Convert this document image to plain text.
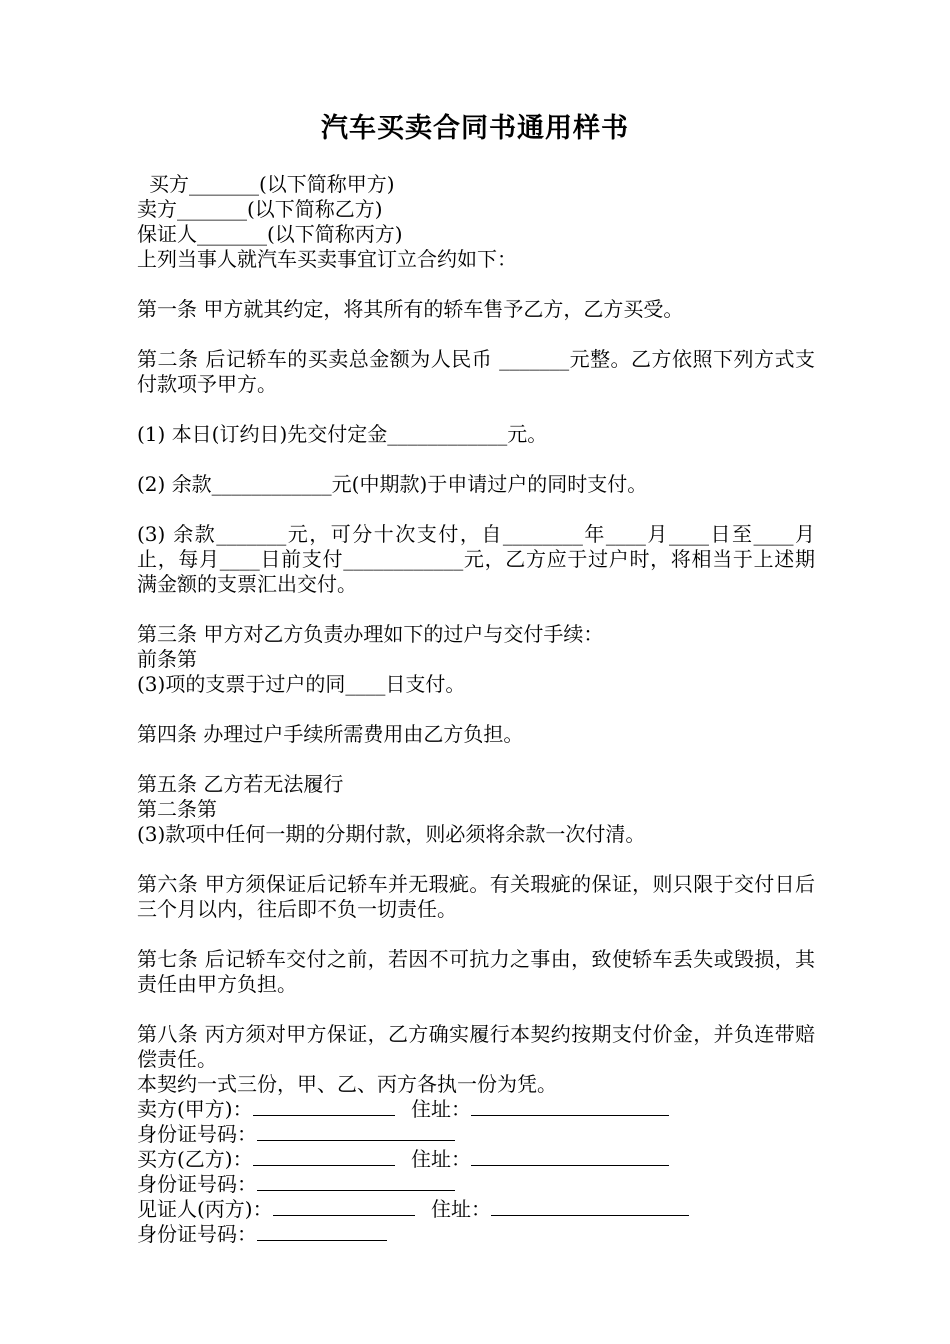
汽车买卖合同书通用样书
买方_______(以下简称甲方)
卖方_______(以下简称乙方)
保证人_______(以下简称丙方)
上列当事人就汽车买卖事宜订立合约如下：
第一条 甲方就其约定，将其所有的轿车售予乙方，乙方买受。
第二条 后记轿车的买卖总金额为人民币 _______元整。乙方依照下列方式支付款项予甲方。
(1) 本日(订约日)先交付定金____________元。
(2) 余款____________元(中期款)于申请过户的同时支付。
(3) 余款_______元，可分十次支付，自________年____月____日至____月止，每月____日前支付____________元，乙方应于过户时，将相当于上述期满金额的支票汇出交付。
第三条 甲方对乙方负责办理如下的过户与交付手续：
前条第
(3)项的支票于过户的同____日支付。
第四条 办理过户手续所需费用由乙方负担。
第五条 乙方若无法履行
第二条第
(3)款项中任何一期的分期付款，则必须将余款一次付清。
第六条 甲方须保证后记轿车并无瑕疵。有关瑕疵的保证，则只限于交付日后三个月以内，往后即不负一切责任。
第七条 后记轿车交付之前，若因不可抗力之事由，致使轿车丢失或毁损，其责任由甲方负担。
第八条 丙方须对甲方保证，乙方确实履行本契约按期支付价金，并负连带赔偿责任。
本契约一式三份，甲、乙、丙方各执一份为凭。
卖方(甲方)：	住址：
身份证号码：
买方(乙方)：	住址：
身份证号码：
见证人(丙方)：	住址：
身份证号码：
